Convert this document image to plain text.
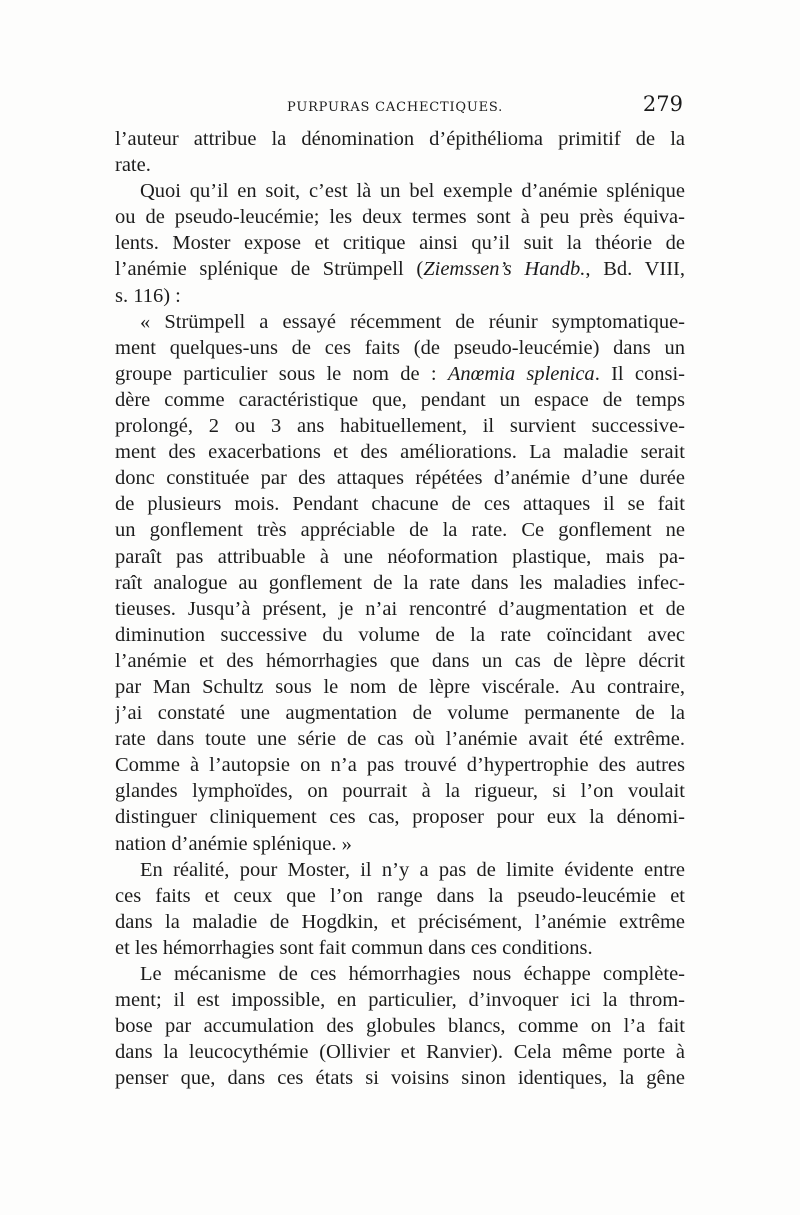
PURPURAS CACHECTIQUES.	279
l’auteur attribue la dénomination d’épithélioma primitif de la
rate.
Quoi qu’il en soit, c’est là un bel exemple d’anémie splénique
ou de pseudo-leucémie; les deux termes sont à peu près équiva-
lents. Moster expose et critique ainsi qu’il suit la théorie de
l’anémie splénique de Strümpell (Ziemssen’s Handb., Bd. VIII,
s. 116) :
« Strümpell a essayé récemment de réunir symptomatique-
ment quelques-uns de ces faits (de pseudo-leucémie) dans un
groupe particulier sous le nom de : Anœmia splenica. Il consi-
dère comme caractéristique que, pendant un espace de temps
prolongé, 2 ou 3 ans habituellement, il survient successive-
ment des exacerbations et des améliorations. La maladie serait
donc constituée par des attaques répétées d’anémie d’une durée
de plusieurs mois. Pendant chacune de ces attaques il se fait
un gonflement très appréciable de la rate. Ce gonflement ne
paraît pas attribuable à une néoformation plastique, mais pa-
raît analogue au gonflement de la rate dans les maladies infec-
tieuses. Jusqu’à présent, je n’ai rencontré d’augmentation et de
diminution successive du volume de la rate coïncidant avec
l’anémie et des hémorrhagies que dans un cas de lèpre décrit
par Man Schultz sous le nom de lèpre viscérale. Au contraire,
j’ai constaté une augmentation de volume permanente de la
rate dans toute une série de cas où l’anémie avait été extrême.
Comme à l’autopsie on n’a pas trouvé d’hypertrophie des autres
glandes lymphoïdes, on pourrait à la rigueur, si l’on voulait
distinguer cliniquement ces cas, proposer pour eux la dénomi-
nation d’anémie splénique. »
En réalité, pour Moster, il n’y a pas de limite évidente entre
ces faits et ceux que l’on range dans la pseudo-leucémie et
dans la maladie de Hogdkin, et précisément, l’anémie extrême
et les hémorrhagies sont fait commun dans ces conditions.
Le mécanisme de ces hémorrhagies nous échappe complète-
ment; il est impossible, en particulier, d’invoquer ici la throm-
bose par accumulation des globules blancs, comme on l’a fait
dans la leucocythémie (Ollivier et Ranvier). Cela même porte à
penser que, dans ces états si voisins sinon identiques, la gêne
